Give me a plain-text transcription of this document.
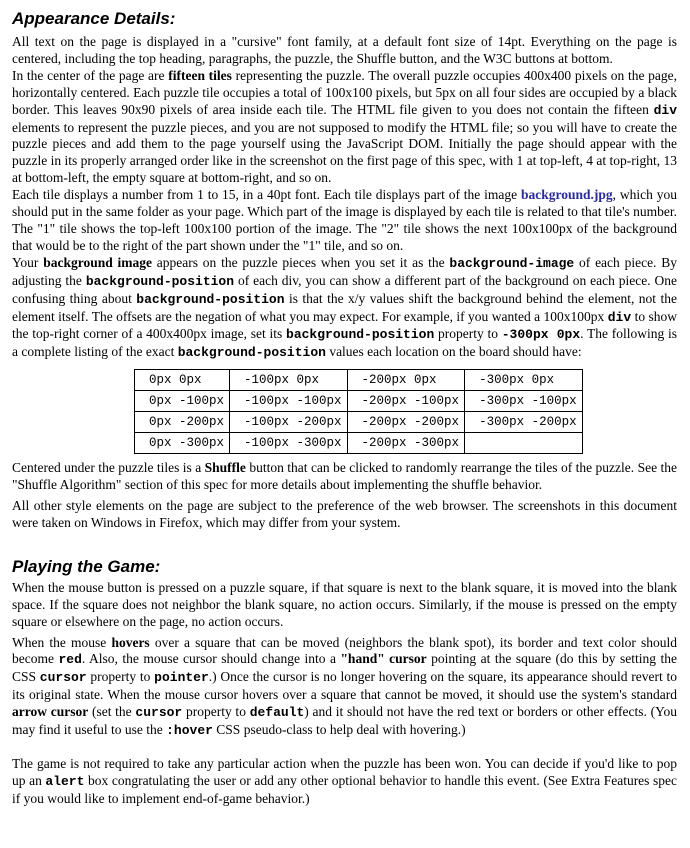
Appearance Details:

All text on the page is displayed in a "cursive" font family, at a default font size of 14pt. Everything on the page is centered, including the top heading, paragraphs, the puzzle, the Shuffle button, and the W3C buttons at bottom.

In the center of the page are fifteen tiles representing the puzzle. The overall puzzle occupies 400x400 pixels on the page, horizontally centered. Each puzzle tile occupies a total of 100x100 pixels, but 5px on all four sides are occupied by a black border. This leaves 90x90 pixels of area inside each tile. The HTML file given to you does not contain the fifteen div elements to represent the puzzle pieces, and you are not supposed to modify the HTML file; so you will have to create the puzzle pieces and add them to the page yourself using the JavaScript DOM. Initially the page should appear with the puzzle in its properly arranged order like in the screenshot on the first page of this spec, with 1 at top-left, 4 at top-right, 13 at bottom-left, the empty square at bottom-right, and so on.

Each tile displays a number from 1 to 15, in a 40pt font. Each tile displays part of the image background.jpg, which you should put in the same folder as your page. Which part of the image is displayed by each tile is related to that tile's number. The "1" tile shows the top-left 100x100 portion of the image. The "2" tile shows the next 100x100px of the background that would be to the right of the part shown under the "1" tile, and so on.

Your background image appears on the puzzle pieces when you set it as the background-image of each piece. By adjusting the background-position of each div, you can show a different part of the background on each piece. One confusing thing about background-position is that the x/y values shift the background behind the element, not the element itself. The offsets are the negation of what you may expect. For example, if you wanted a 100x100px div to show the top-right corner of a 400x400px image, set its background-position property to -300px 0px. The following is a complete listing of the exact background-position values each location on the board should have:

0px 0px	-100px 0px	-200px 0px	-300px 0px
0px -100px	-100px -100px	-200px -100px	-300px -100px
0px -200px	-100px -200px	-200px -200px	-300px -200px
0px -300px	-100px -300px	-200px -300px	

Centered under the puzzle tiles is a Shuffle button that can be clicked to randomly rearrange the tiles of the puzzle. See the "Shuffle Algorithm" section of this spec for more details about implementing the shuffle behavior.

All other style elements on the page are subject to the preference of the web browser. The screenshots in this document were taken on Windows in Firefox, which may differ from your system.

Playing the Game:

When the mouse button is pressed on a puzzle square, if that square is next to the blank square, it is moved into the blank space. If the square does not neighbor the blank square, no action occurs. Similarly, if the mouse is pressed on the empty square or elsewhere on the page, no action occurs.

When the mouse hovers over a square that can be moved (neighbors the blank spot), its border and text color should become red. Also, the mouse cursor should change into a "hand" cursor pointing at the square (do this by setting the CSS cursor property to pointer.) Once the cursor is no longer hovering on the square, its appearance should revert to its original state. When the mouse cursor hovers over a square that cannot be moved, it should use the system's standard arrow cursor (set the cursor property to default) and it should not have the red text or borders or other effects. (You may find it useful to use the :hover CSS pseudo-class to help deal with hovering.)

The game is not required to take any particular action when the puzzle has been won. You can decide if you'd like to pop up an alert box congratulating the user or add any other optional behavior to handle this event. (See Extra Features spec if you would like to implement end-of-game behavior.)
